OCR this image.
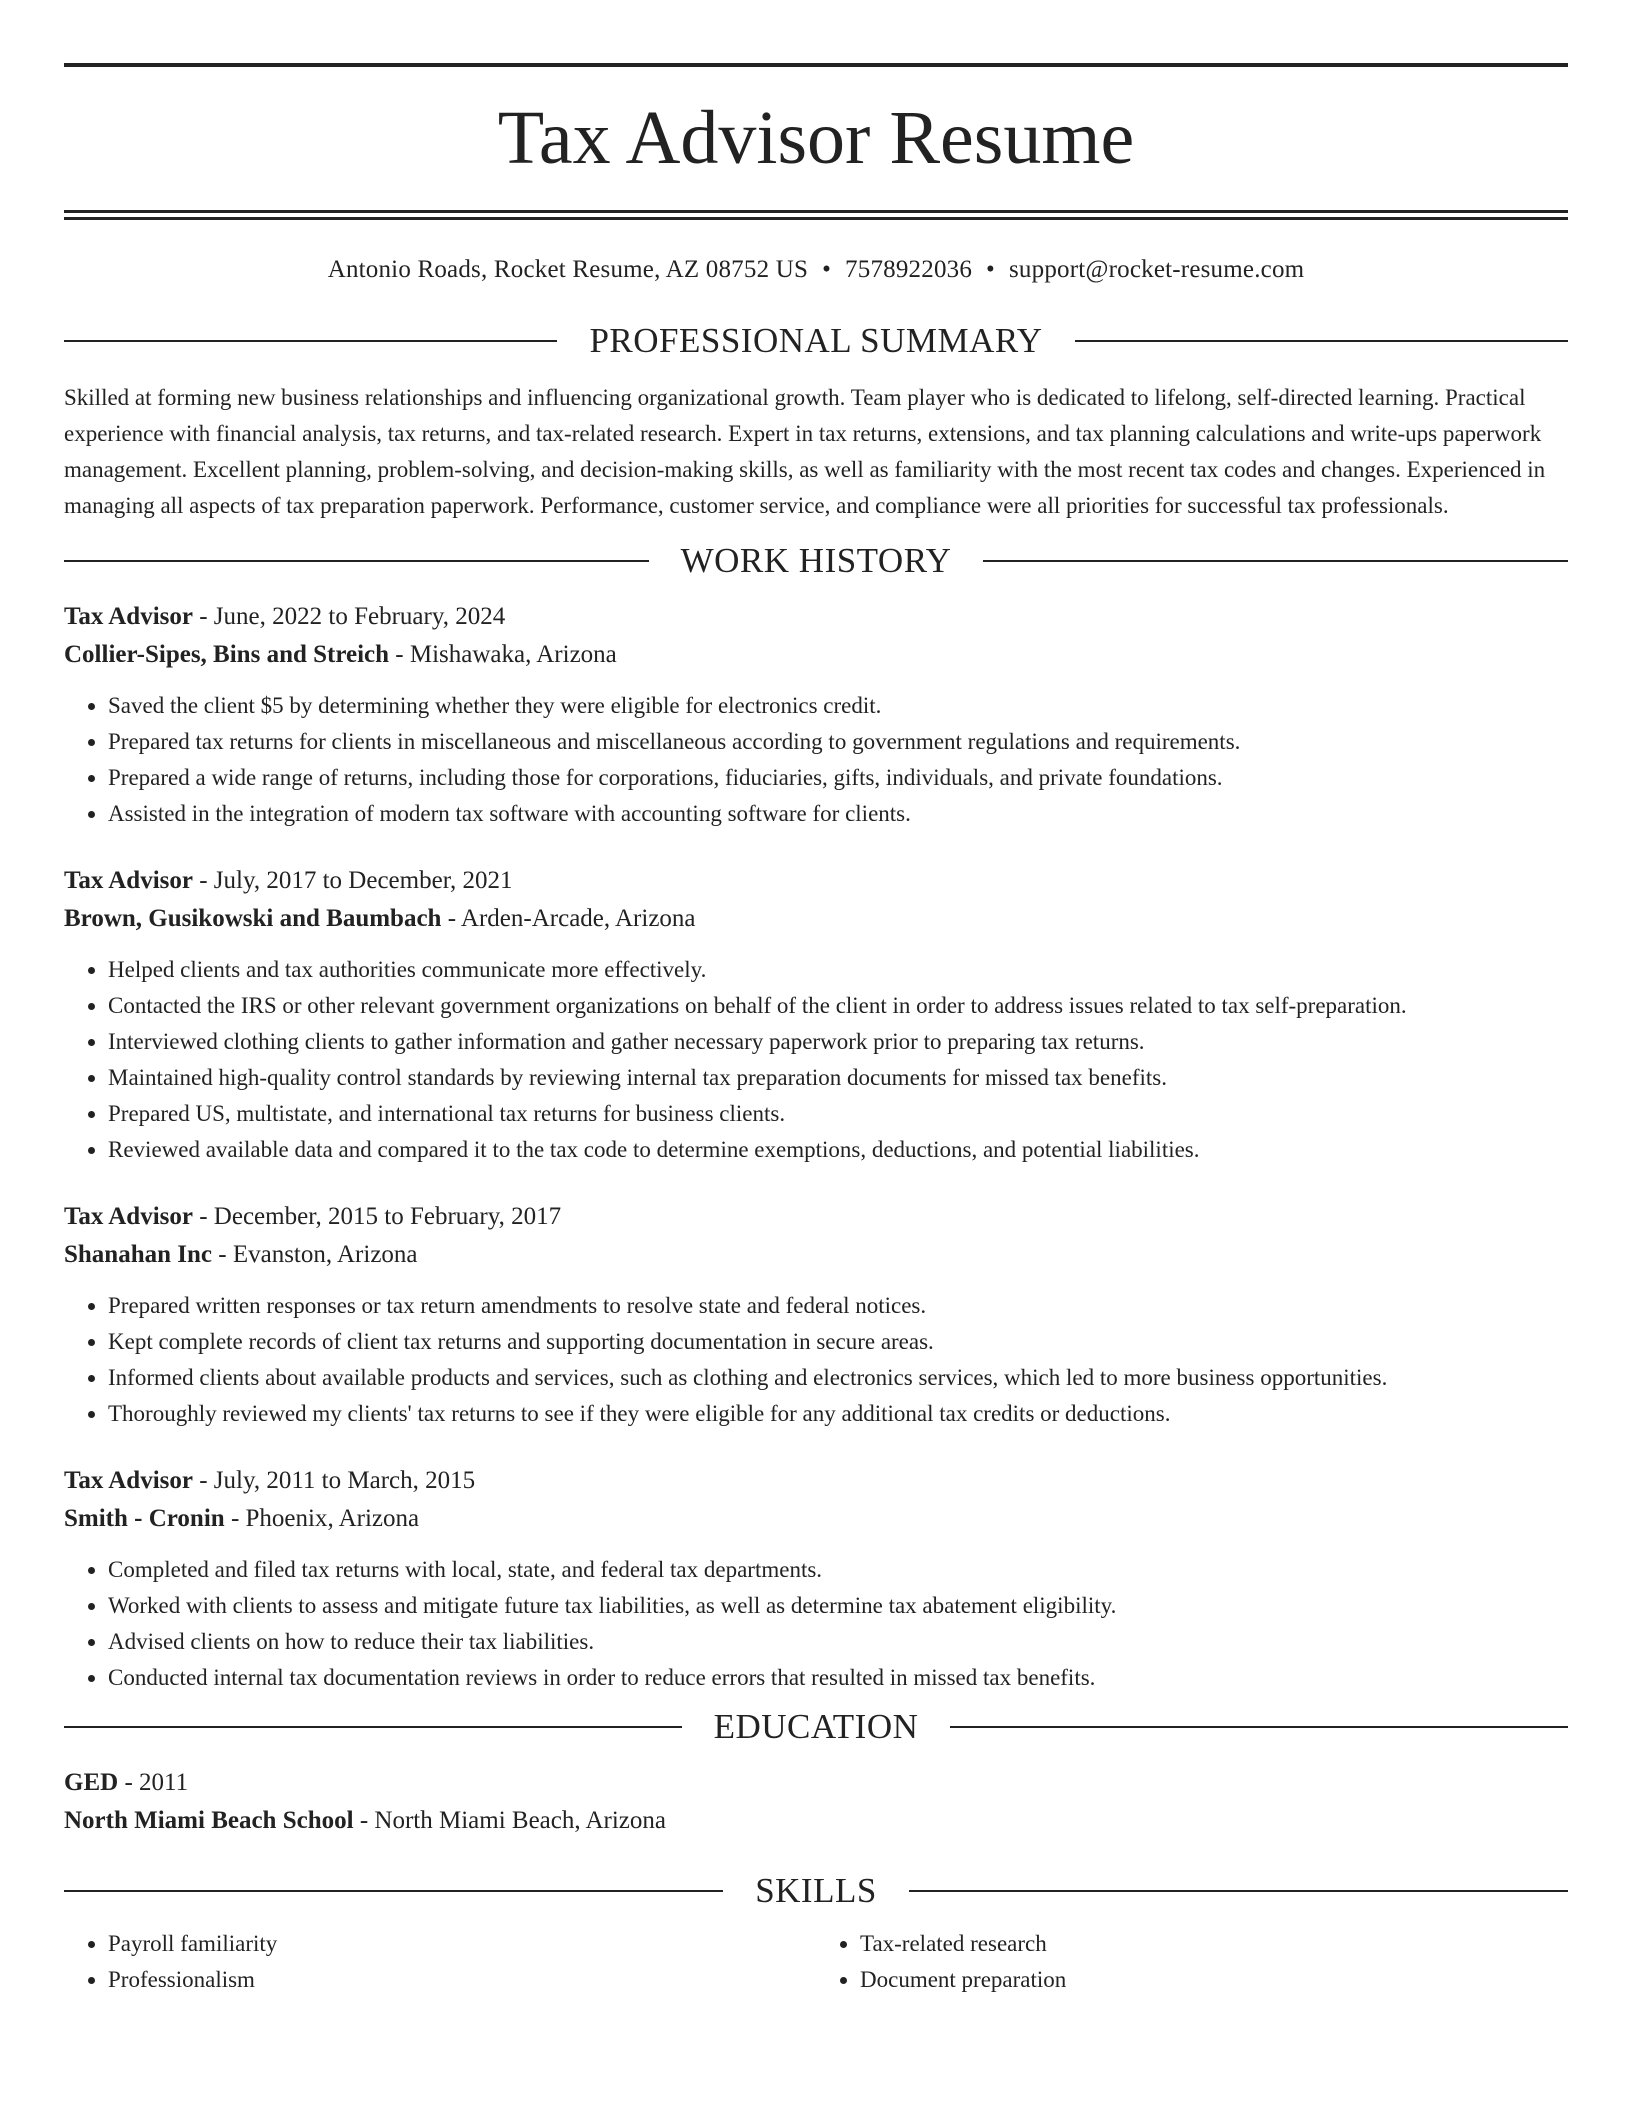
Tax Advisor Resume
Antonio Roads, Rocket Resume, AZ 08752 US • 7578922036 • support@rocket-resume.com
PROFESSIONAL SUMMARY
Skilled at forming new business relationships and influencing organizational growth. Team player who is dedicated to lifelong, self-directed learning. Practical experience with financial analysis, tax returns, and tax-related research. Expert in tax returns, extensions, and tax planning calculations and write-ups paperwork management. Excellent planning, problem-solving, and decision-making skills, as well as familiarity with the most recent tax codes and changes. Experienced in managing all aspects of tax preparation paperwork. Performance, customer service, and compliance were all priorities for successful tax professionals.
WORK HISTORY
Tax Advisor - June, 2022 to February, 2024
Collier-Sipes, Bins and Streich - Mishawaka, Arizona
• Saved the client $5 by determining whether they were eligible for electronics credit.
• Prepared tax returns for clients in miscellaneous and miscellaneous according to government regulations and requirements.
• Prepared a wide range of returns, including those for corporations, fiduciaries, gifts, individuals, and private foundations.
• Assisted in the integration of modern tax software with accounting software for clients.
Tax Advisor - July, 2017 to December, 2021
Brown, Gusikowski and Baumbach - Arden-Arcade, Arizona
• Helped clients and tax authorities communicate more effectively.
• Contacted the IRS or other relevant government organizations on behalf of the client in order to address issues related to tax self-preparation.
• Interviewed clothing clients to gather information and gather necessary paperwork prior to preparing tax returns.
• Maintained high-quality control standards by reviewing internal tax preparation documents for missed tax benefits.
• Prepared US, multistate, and international tax returns for business clients.
• Reviewed available data and compared it to the tax code to determine exemptions, deductions, and potential liabilities.
Tax Advisor - December, 2015 to February, 2017
Shanahan Inc - Evanston, Arizona
• Prepared written responses or tax return amendments to resolve state and federal notices.
• Kept complete records of client tax returns and supporting documentation in secure areas.
• Informed clients about available products and services, such as clothing and electronics services, which led to more business opportunities.
• Thoroughly reviewed my clients' tax returns to see if they were eligible for any additional tax credits or deductions.
Tax Advisor - July, 2011 to March, 2015
Smith - Cronin - Phoenix, Arizona
• Completed and filed tax returns with local, state, and federal tax departments.
• Worked with clients to assess and mitigate future tax liabilities, as well as determine tax abatement eligibility.
• Advised clients on how to reduce their tax liabilities.
• Conducted internal tax documentation reviews in order to reduce errors that resulted in missed tax benefits.
EDUCATION
GED - 2011
North Miami Beach School - North Miami Beach, Arizona
SKILLS
• Payroll familiarity
• Professionalism
• Tax-related research
• Document preparation
